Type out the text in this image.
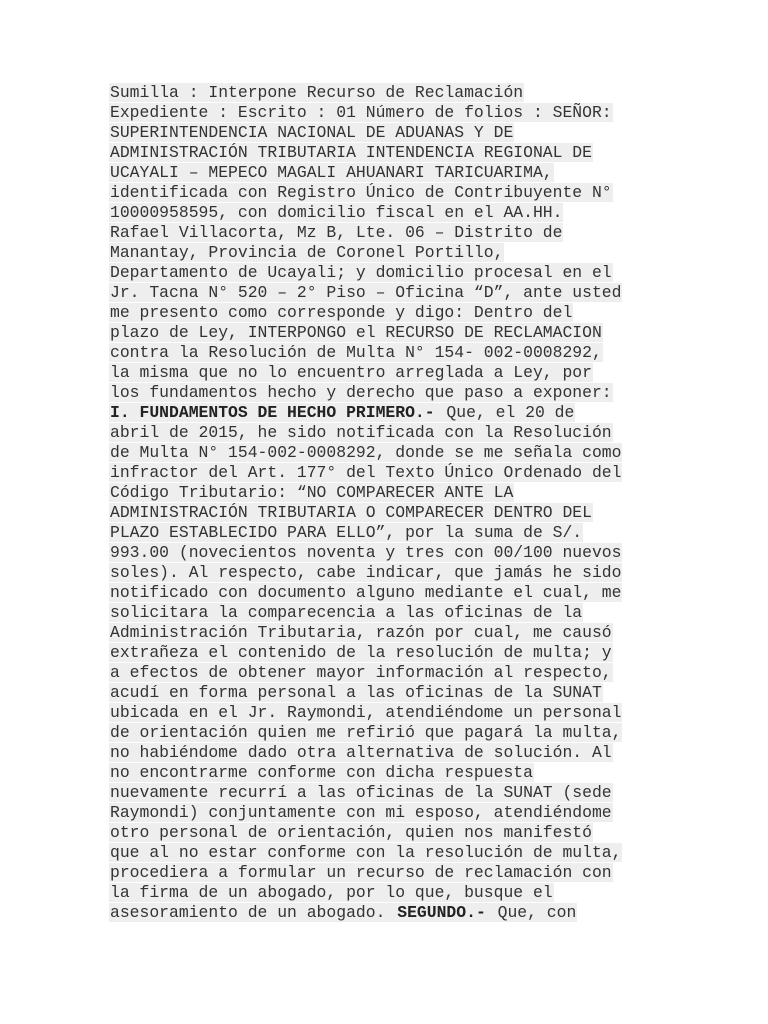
Sumilla : Interpone Recurso de Reclamación
Expediente : Escrito : 01 Número de folios : SEÑOR:
SUPERINTENDENCIA NACIONAL DE ADUANAS Y DE
ADMINISTRACIÓN TRIBUTARIA INTENDENCIA REGIONAL DE
UCAYALI – MEPECO MAGALI AHUANARI TARICUARIMA,
identificada con Registro Único de Contribuyente N°
10000958595, con domicilio fiscal en el AA.HH.
Rafael Villacorta, Mz B, Lte. 06 – Distrito de
Manantay, Provincia de Coronel Portillo,
Departamento de Ucayali; y domicilio procesal en el
Jr. Tacna N° 520 – 2° Piso – Oficina “D”, ante usted
me presento como corresponde y digo: Dentro del
plazo de Ley, INTERPONGO el RECURSO DE RECLAMACION
contra la Resolución de Multa N° 154- 002-0008292,
la misma que no lo encuentro arreglada a Ley, por
los fundamentos hecho y derecho que paso a exponer:
I. FUNDAMENTOS DE HECHO PRIMERO.- Que, el 20 de
abril de 2015, he sido notificada con la Resolución
de Multa N° 154-002-0008292, donde se me señala como
infractor del Art. 177° del Texto Único Ordenado del
Código Tributario: “NO COMPARECER ANTE LA
ADMINISTRACIÓN TRIBUTARIA O COMPARECER DENTRO DEL
PLAZO ESTABLECIDO PARA ELLO”, por la suma de S/.
993.00 (novecientos noventa y tres con 00/100 nuevos
soles). Al respecto, cabe indicar, que jamás he sido
notificado con documento alguno mediante el cual, me
solicitara la comparecencia a las oficinas de la
Administración Tributaria, razón por cual, me causó
extrañeza el contenido de la resolución de multa; y
a efectos de obtener mayor información al respecto,
acudí en forma personal a las oficinas de la SUNAT
ubicada en el Jr. Raymondi, atendiéndome un personal
de orientación quien me refirió que pagará la multa,
no habiéndome dado otra alternativa de solución. Al
no encontrarme conforme con dicha respuesta
nuevamente recurrí a las oficinas de la SUNAT (sede
Raymondi) conjuntamente con mi esposo, atendiéndome
otro personal de orientación, quien nos manifestó
que al no estar conforme con la resolución de multa,
procediera a formular un recurso de reclamación con
la firma de un abogado, por lo que, busque el
asesoramiento de un abogado. SEGUNDO.- Que, con
